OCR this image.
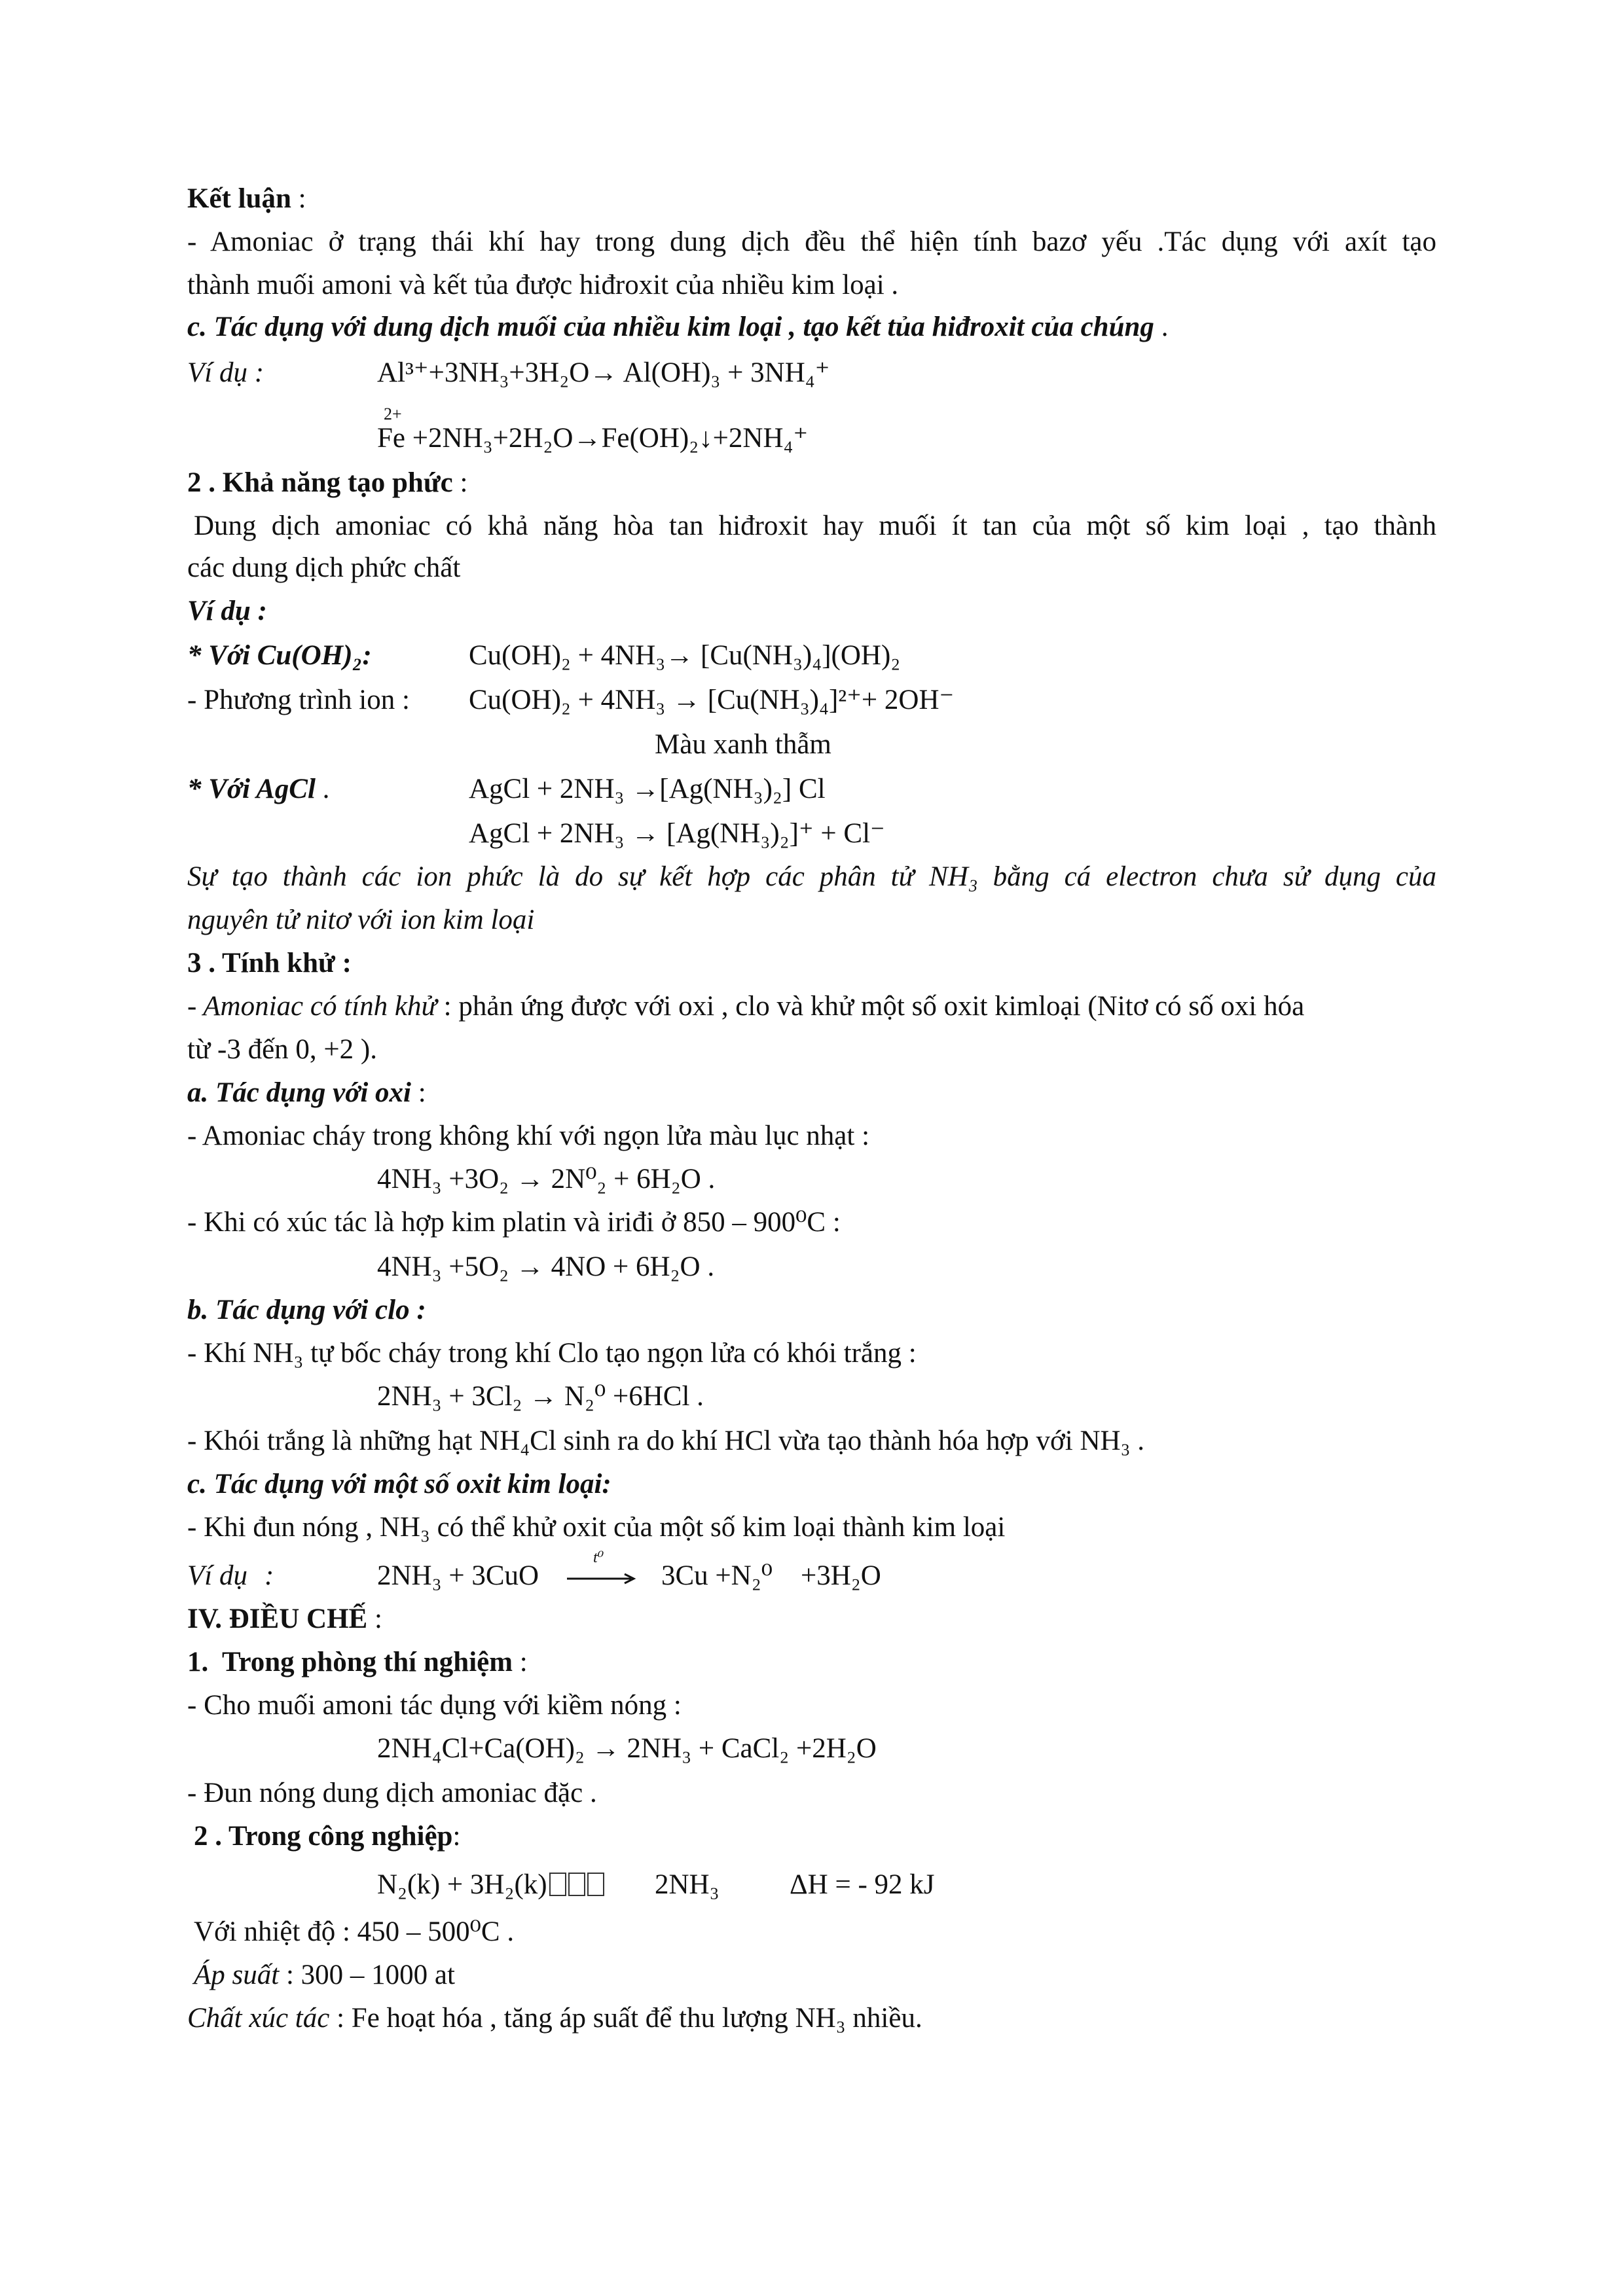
Kết luận :
- Amoniac ở trạng thái khí hay trong dung dịch đều thể hiện tính bazơ yếu .Tác dụng với axít tạo
thành muối amoni và kết tủa được hiđroxit của nhiều kim loại .
c. Tác dụng với dung dịch muối của nhiều kim loại , tạo kết tủa hiđroxit của chúng .
Ví dụ :	Al³⁺+3NH₃+3H₂O→ Al(OH)₃ + 3NH₄⁺
2+
Fe +2NH₃+2H₂O→Fe(OH)₂↓+2NH₄⁺
2 . Khả năng tạo phức :
Dung dịch amoniac có khả năng hòa tan hiđroxit hay muối ít tan của một số kim loại , tạo thành
các dung dịch phức chất
Ví dụ :
* Với Cu(OH)₂:	Cu(OH)₂ + 4NH₃→ [Cu(NH₃)₄](OH)₂
- Phương trình ion : Cu(OH)₂ + 4NH₃ → [Cu(NH₃)₄]²⁺+ 2OH⁻
Màu xanh thẫm
* Với AgCl .	AgCl + 2NH₃ →[Ag(NH₃)₂] Cl
AgCl + 2NH₃ → [Ag(NH₃)₂]⁺ + Cl⁻
Sự tạo thành các ion phức là do sự kết hợp các phân tử NH₃ bằng cá electron chưa sử dụng của
nguyên tử nitơ với ion kim loại
3 . Tính khử :
- Amoniac có tính khử : phản ứng được với oxi , clo và khử một số oxit kimloại (Nitơ có số oxi hóa
từ -3 đến 0, +2 ).
a. Tác dụng với oxi :
- Amoniac cháy trong không khí với ngọn lửa màu lục nhạt :
4NH₃ +3O₂ → 2N⁰₂ + 6H₂O .
- Khi có xúc tác là hợp kim platin và iriđi ở 850 – 900⁰C :
4NH₃ +5O₂ → 4NO + 6H₂O .
b. Tác dụng với clo :
- Khí NH₃ tự bốc cháy trong khí Clo tạo ngọn lửa có khói trắng :
2NH₃ + 3Cl₂ → N₂⁰ +6HCl .
- Khói trắng là những hạt NH₄Cl sinh ra do khí HCl vừa tạo thành hóa hợp với NH₃ .
c. Tác dụng với một số oxit kim loại:
- Khi đun nóng , NH₃ có thể khử oxit của một số kim loại thành kim loại
Ví dụ :	2NH₃ + 3CuO
t⁰
→ 3Cu +N₂⁰    +3H₂O
IV. ĐIỀU CHẾ :
1.  Trong phòng thí nghiệm :
- Cho muối amoni tác dụng với kiềm nóng :
2NH₄Cl+Ca(OH)₂ → 2NH₃ + CaCl₂ +2H₂O
- Đun nóng dung dịch amoniac đặc .
2 . Trong công nghiệp:
N₂(k) + 3H₂(k)	2NH₃ ΔH = - 92 kJ
Với nhiệt độ : 450 – 500⁰C .
Áp suất : 300 – 1000 at
Chất xúc tác : Fe hoạt hóa , tăng áp suất để thu lượng NH₃ nhiều.
